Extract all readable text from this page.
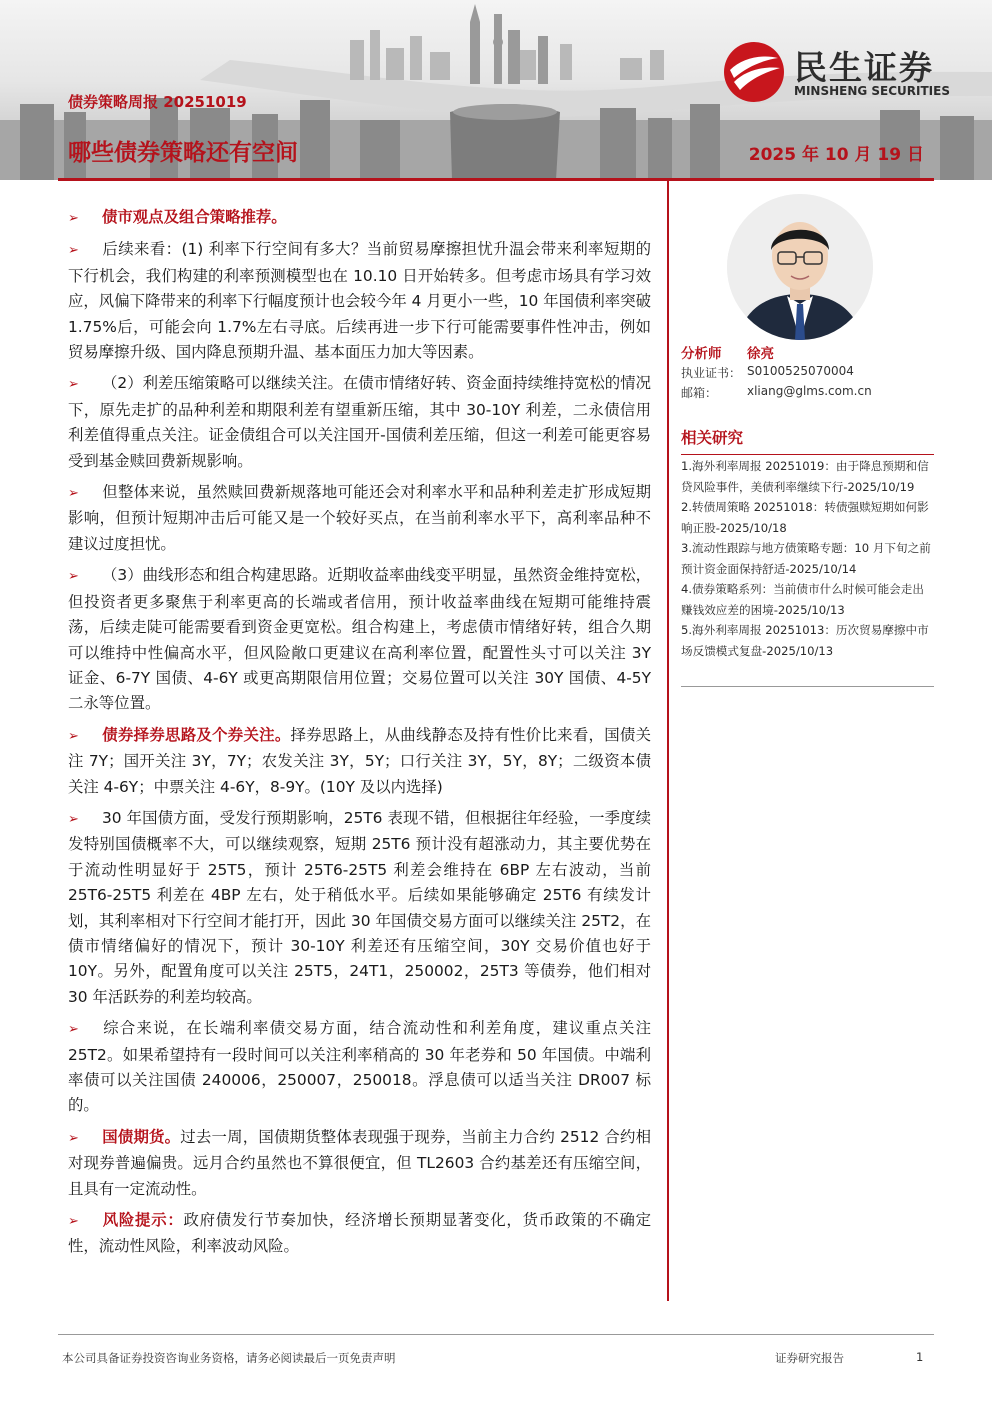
债券策略周报 20251019
哪些债券策略还有空间	2025 年 10 月 19 日
民生证券
MINSHENG SECURITIES

➢ 债市观点及组合策略推荐。

➢ 后续来看：(1) 利率下行空间有多大？当前贸易摩擦担忧升温会带来利率短期的下行机会，我们构建的利率预测模型也在 10.10 日开始转多。但考虑市场具有学习效应，风偏下降带来的利率下行幅度预计也会较今年 4 月更小一些，10 年国债利率突破 1.75%后，可能会向 1.7%左右寻底。后续再进一步下行可能需要事件性冲击，例如贸易摩擦升级、国内降息预期升温、基本面压力加大等因素。

➢ （2）利差压缩策略可以继续关注。在债市情绪好转、资金面持续维持宽松的情况下，原先走扩的品种利差和期限利差有望重新压缩，其中 30-10Y 利差，二永债信用利差值得重点关注。证金债组合可以关注国开-国债利差压缩，但这一利差可能更容易受到基金赎回费新规影响。

➢ 但整体来说，虽然赎回费新规落地可能还会对利率水平和品种利差走扩形成短期影响，但预计短期冲击后可能又是一个较好买点，在当前利率水平下，高利率品种不建议过度担忧。

➢ （3）曲线形态和组合构建思路。近期收益率曲线变平明显，虽然资金维持宽松，但投资者更多聚焦于利率更高的长端或者信用，预计收益率曲线在短期可能维持震荡，后续走陡可能需要看到资金更宽松。组合构建上，考虑债市情绪好转，组合久期可以维持中性偏高水平，但风险敞口更建议在高利率位置，配置性头寸可以关注 3Y 证金、6-7Y 国债、4-6Y 或更高期限信用位置；交易位置可以关注 30Y 国债、4-5Y 二永等位置。

➢ 债券择券思路及个券关注。择券思路上，从曲线静态及持有性价比来看，国债关注 7Y；国开关注 3Y，7Y；农发关注 3Y，5Y；口行关注 3Y，5Y，8Y；二级资本债关注 4-6Y；中票关注 4-6Y，8-9Y。(10Y 及以内选择)

➢ 30 年国债方面，受发行预期影响，25T6 表现不错，但根据往年经验，一季度续发特别国债概率不大，可以继续观察，短期 25T6 预计没有超涨动力，其主要优势在于流动性明显好于 25T5，预计 25T6-25T5 利差会维持在 6BP 左右波动，当前 25T6-25T5 利差在 4BP 左右，处于稍低水平。后续如果能够确定 25T6 有续发计划，其利率相对下行空间才能打开，因此 30 年国债交易方面可以继续关注 25T2，在债市情绪偏好的情况下，预计 30-10Y 利差还有压缩空间，30Y 交易价值也好于 10Y。另外，配置角度可以关注 25T5，24T1，250002，25T3 等债券，他们相对 30 年活跃券的利差均较高。

➢ 综合来说，在长端利率债交易方面，结合流动性和利差角度，建议重点关注 25T2。如果希望持有一段时间可以关注利率稍高的 30 年老券和 50 年国债。中端利率债可以关注国债 240006，250007，250018。浮息债可以适当关注 DR007 标的。

➢ 国债期货。过去一周，国债期货整体表现强于现券，当前主力合约 2512 合约相对现券普遍偏贵。远月合约虽然也不算很便宜，但 TL2603 合约基差还有压缩空间，且具有一定流动性。

➢ 风险提示：政府债发行节奏加快，经济增长预期显著变化，货币政策的不确定性，流动性风险，利率波动风险。

分析师 徐亮
执业证书： S0100525070004
邮箱： xliang@glms.com.cn
相关研究
1.海外利率周报 20251019：由于降息预期和信贷风险事件，美债利率继续下行-2025/10/19
2.转债周策略 20251018：转债强赎短期如何影响正股-2025/10/18
3.流动性跟踪与地方债策略专题：10 月下旬之前预计资金面保持舒适-2025/10/14
4.债券策略系列：当前债市什么时候可能会走出赚钱效应差的困境-2025/10/13
5.海外利率周报 20251013：历次贸易摩擦中市场反馈模式复盘-2025/10/13
本公司具备证券投资咨询业务资格，请务必阅读最后一页免责声明	证券研究报告	1
